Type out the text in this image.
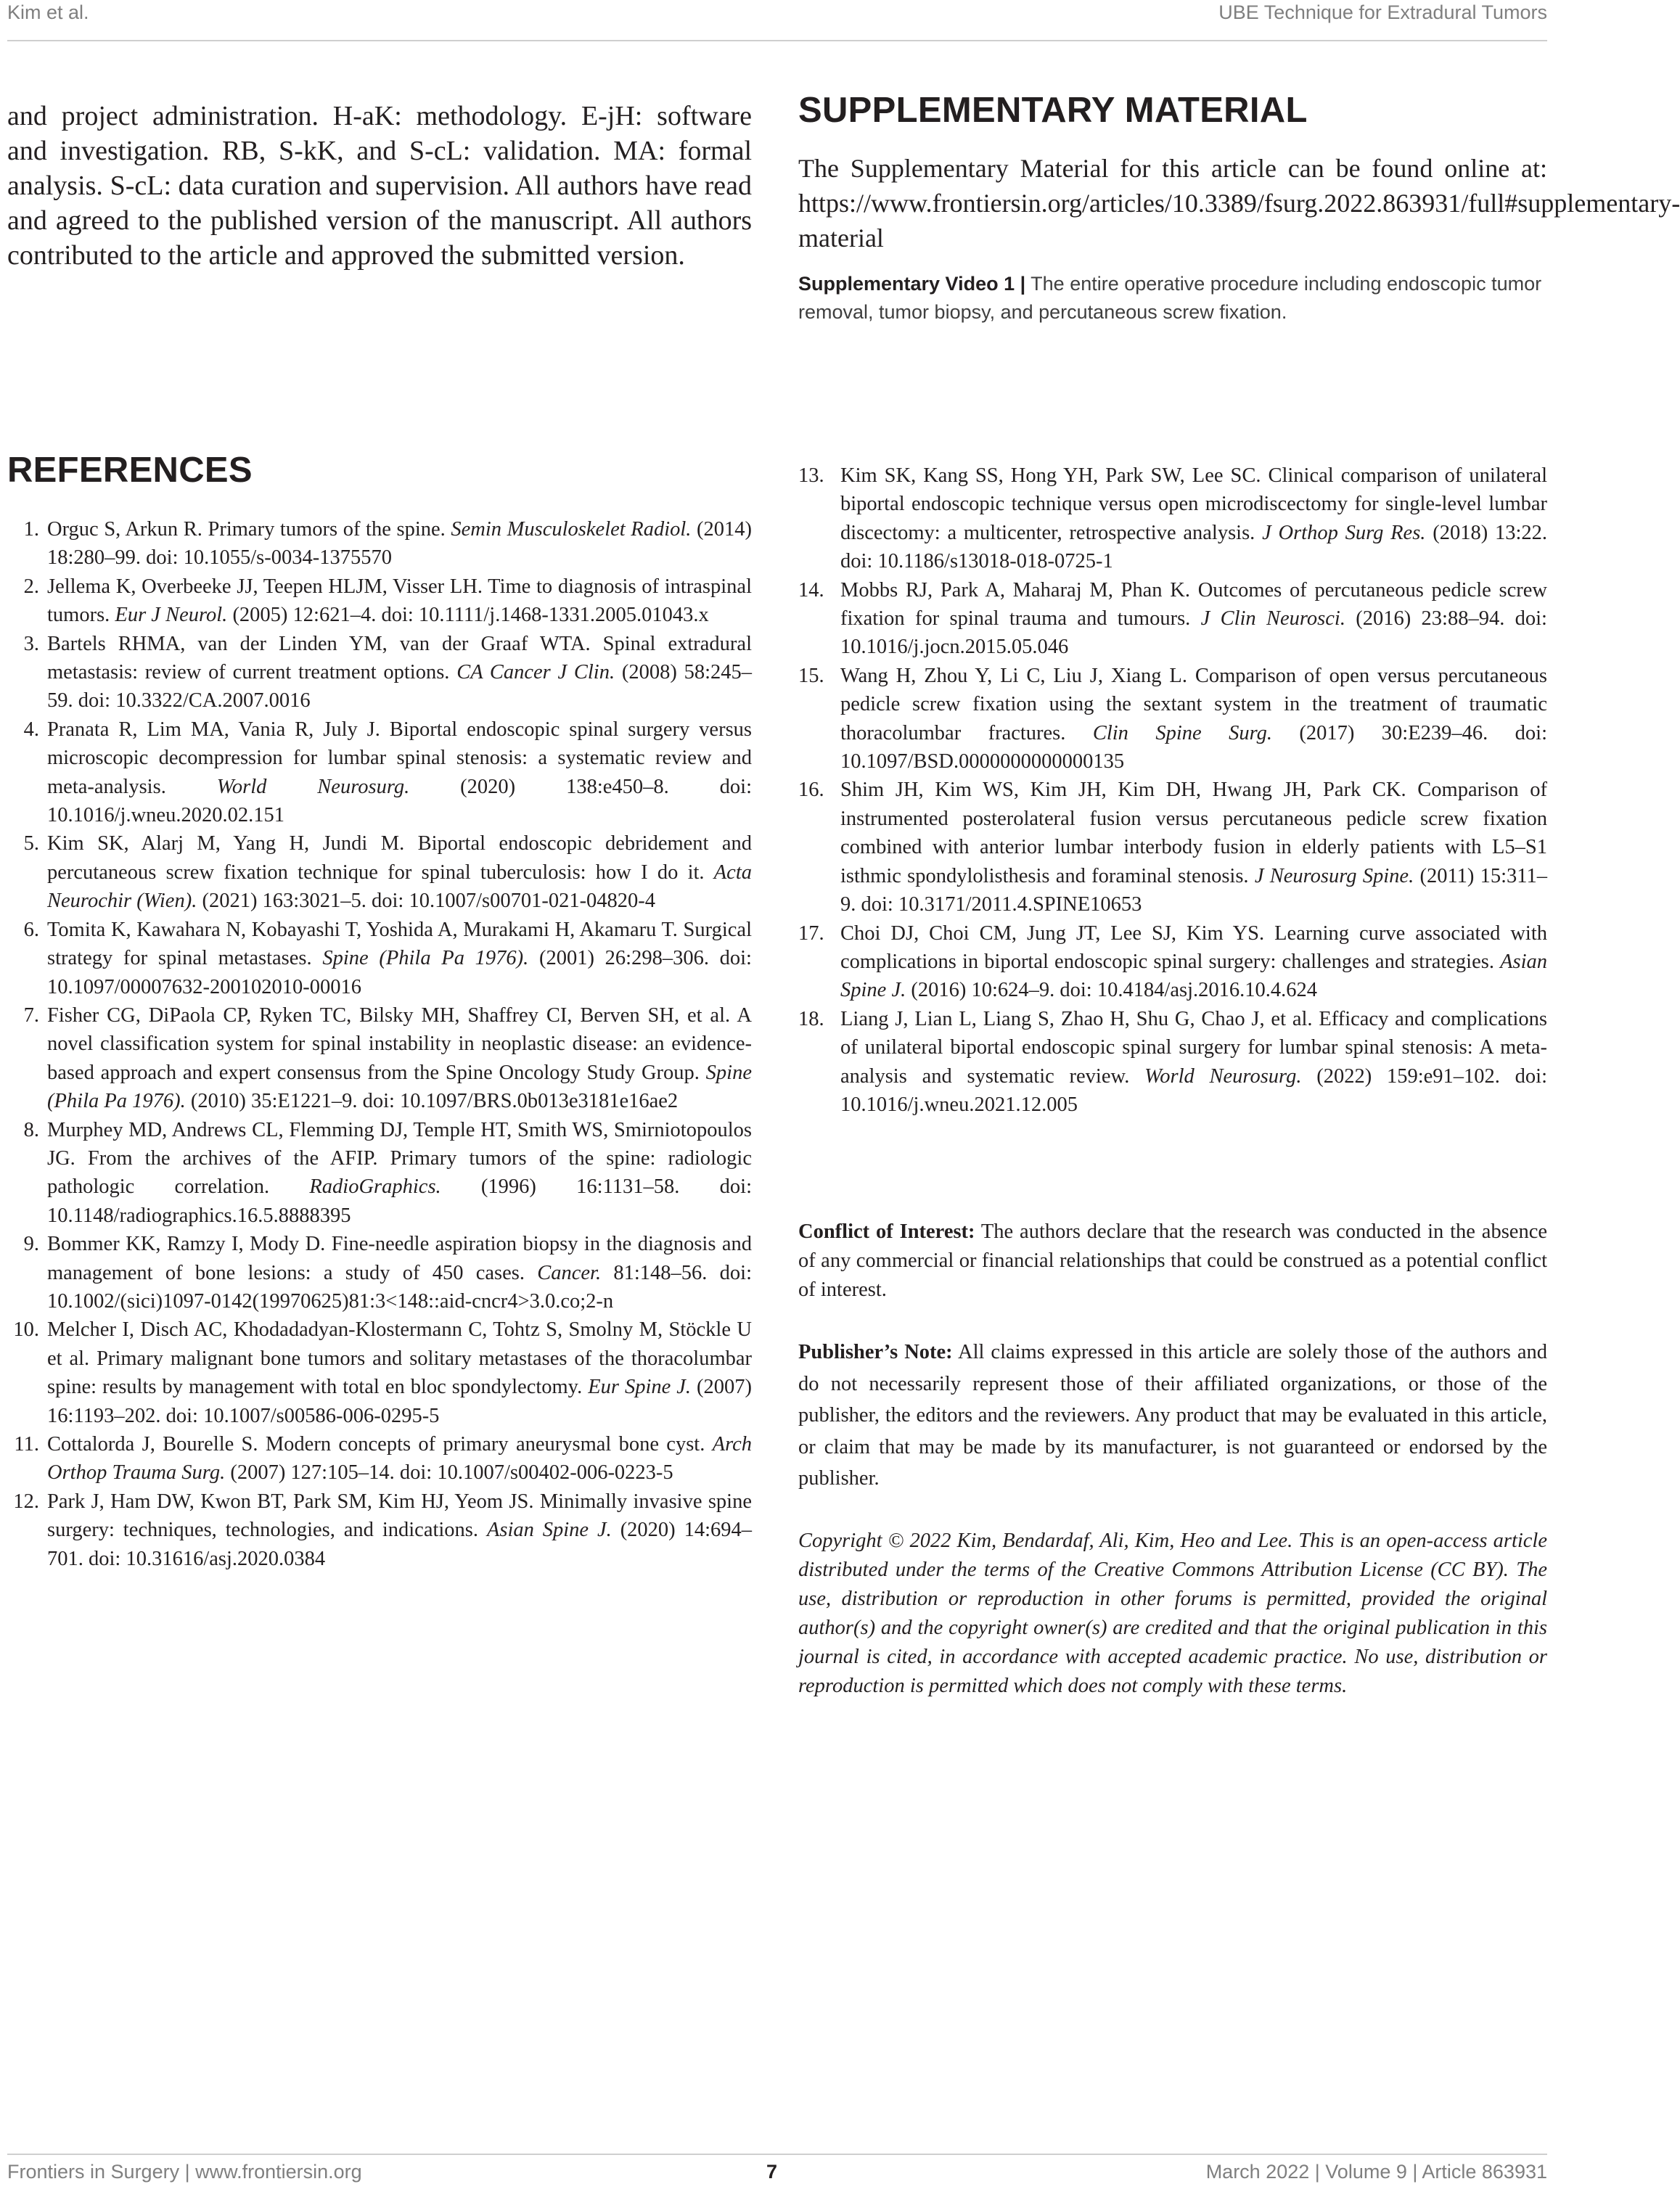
Kim et al.	UBE Technique for Extradural Tumors

and project administration. H-aK: methodology. E-jH: software and investigation. RB, S-kK, and S-cL: validation. MA: formal analysis. S-cL: data curation and supervision. All authors have read and agreed to the published version of the manuscript. All authors contributed to the article and approved the submitted version.

SUPPLEMENTARY MATERIAL

The Supplementary Material for this article can be found online at: https://www.frontiersin.org/articles/10.3389/fsurg.2022.863931/full#supplementary-material

Supplementary Video 1 | The entire operative procedure including endoscopic tumor removal, tumor biopsy, and percutaneous screw fixation.

REFERENCES

1. Orguc S, Arkun R. Primary tumors of the spine. Semin Musculoskelet Radiol. (2014) 18:280–99. doi: 10.1055/s-0034-1375570

2. Jellema K, Overbeeke JJ, Teepen HLJM, Visser LH. Time to diagnosis of intraspinal tumors. Eur J Neurol. (2005) 12:621–4. doi: 10.1111/j.1468-1331.2005.01043.x

3. Bartels RHMA, van der Linden YM, van der Graaf WTA. Spinal extradural metastasis: review of current treatment options. CA Cancer J Clin. (2008) 58:245–59. doi: 10.3322/CA.2007.0016

4. Pranata R, Lim MA, Vania R, July J. Biportal endoscopic spinal surgery versus microscopic decompression for lumbar spinal stenosis: a systematic review and meta-analysis. World Neurosurg. (2020) 138:e450–8. doi: 10.1016/j.wneu.2020.02.151

5. Kim SK, Alarj M, Yang H, Jundi M. Biportal endoscopic debridement and percutaneous screw fixation technique for spinal tuberculosis: how I do it. Acta Neurochir (Wien). (2021) 163:3021–5. doi: 10.1007/s00701-021-04820-4

6. Tomita K, Kawahara N, Kobayashi T, Yoshida A, Murakami H, Akamaru T. Surgical strategy for spinal metastases. Spine (Phila Pa 1976). (2001) 26:298–306. doi: 10.1097/00007632-200102010-00016

7. Fisher CG, DiPaola CP, Ryken TC, Bilsky MH, Shaffrey CI, Berven SH, et al. A novel classification system for spinal instability in neoplastic disease: an evidence-based approach and expert consensus from the Spine Oncology Study Group. Spine (Phila Pa 1976). (2010) 35:E1221–9. doi: 10.1097/BRS.0b013e3181e16ae2

8. Murphey MD, Andrews CL, Flemming DJ, Temple HT, Smith WS, Smirniotopoulos JG. From the archives of the AFIP. Primary tumors of the spine: radiologic pathologic correlation. RadioGraphics. (1996) 16:1131–58. doi: 10.1148/radiographics.16.5.8888395

9. Bommer KK, Ramzy I, Mody D. Fine-needle aspiration biopsy in the diagnosis and management of bone lesions: a study of 450 cases. Cancer. 81:148–56. doi: 10.1002/(sici)1097-0142(19970625)81:3<148::aid-cncr4>3.0.co;2-n

10. Melcher I, Disch AC, Khodadadyan-Klostermann C, Tohtz S, Smolny M, Stöckle U et al. Primary malignant bone tumors and solitary metastases of the thoracolumbar spine: results by management with total en bloc spondylectomy. Eur Spine J. (2007) 16:1193–202. doi: 10.1007/s00586-006-0295-5

11. Cottalorda J, Bourelle S. Modern concepts of primary aneurysmal bone cyst. Arch Orthop Trauma Surg. (2007) 127:105–14. doi: 10.1007/s00402-006-0223-5

12. Park J, Ham DW, Kwon BT, Park SM, Kim HJ, Yeom JS. Minimally invasive spine surgery: techniques, technologies, and indications. Asian Spine J. (2020) 14:694–701. doi: 10.31616/asj.2020.0384

13. Kim SK, Kang SS, Hong YH, Park SW, Lee SC. Clinical comparison of unilateral biportal endoscopic technique versus open microdiscectomy for single-level lumbar discectomy: a multicenter, retrospective analysis. J Orthop Surg Res. (2018) 13:22. doi: 10.1186/s13018-018-0725-1

14. Mobbs RJ, Park A, Maharaj M, Phan K. Outcomes of percutaneous pedicle screw fixation for spinal trauma and tumours. J Clin Neurosci. (2016) 23:88–94. doi: 10.1016/j.jocn.2015.05.046

15. Wang H, Zhou Y, Li C, Liu J, Xiang L. Comparison of open versus percutaneous pedicle screw fixation using the sextant system in the treatment of traumatic thoracolumbar fractures. Clin Spine Surg. (2017) 30:E239–46. doi: 10.1097/BSD.0000000000000135

16. Shim JH, Kim WS, Kim JH, Kim DH, Hwang JH, Park CK. Comparison of instrumented posterolateral fusion versus percutaneous pedicle screw fixation combined with anterior lumbar interbody fusion in elderly patients with L5–S1 isthmic spondylolisthesis and foraminal stenosis. J Neurosurg Spine. (2011) 15:311–9. doi: 10.3171/2011.4.SPINE10653

17. Choi DJ, Choi CM, Jung JT, Lee SJ, Kim YS. Learning curve associated with complications in biportal endoscopic spinal surgery: challenges and strategies. Asian Spine J. (2016) 10:624–9. doi: 10.4184/asj.2016.10.4.624

18. Liang J, Lian L, Liang S, Zhao H, Shu G, Chao J, et al. Efficacy and complications of unilateral biportal endoscopic spinal surgery for lumbar spinal stenosis: A meta-analysis and systematic review. World Neurosurg. (2022) 159:e91–102. doi: 10.1016/j.wneu.2021.12.005

Conflict of Interest: The authors declare that the research was conducted in the absence of any commercial or financial relationships that could be construed as a potential conflict of interest.

Publisher’s Note: All claims expressed in this article are solely those of the authors and do not necessarily represent those of their affiliated organizations, or those of the publisher, the editors and the reviewers. Any product that may be evaluated in this article, or claim that may be made by its manufacturer, is not guaranteed or endorsed by the publisher.

Copyright © 2022 Kim, Bendardaf, Ali, Kim, Heo and Lee. This is an open-access article distributed under the terms of the Creative Commons Attribution License (CC BY). The use, distribution or reproduction in other forums is permitted, provided the original author(s) and the copyright owner(s) are credited and that the original publication in this journal is cited, in accordance with accepted academic practice. No use, distribution or reproduction is permitted which does not comply with these terms.

Frontiers in Surgery | www.frontiersin.org	7	March 2022 | Volume 9 | Article 863931
